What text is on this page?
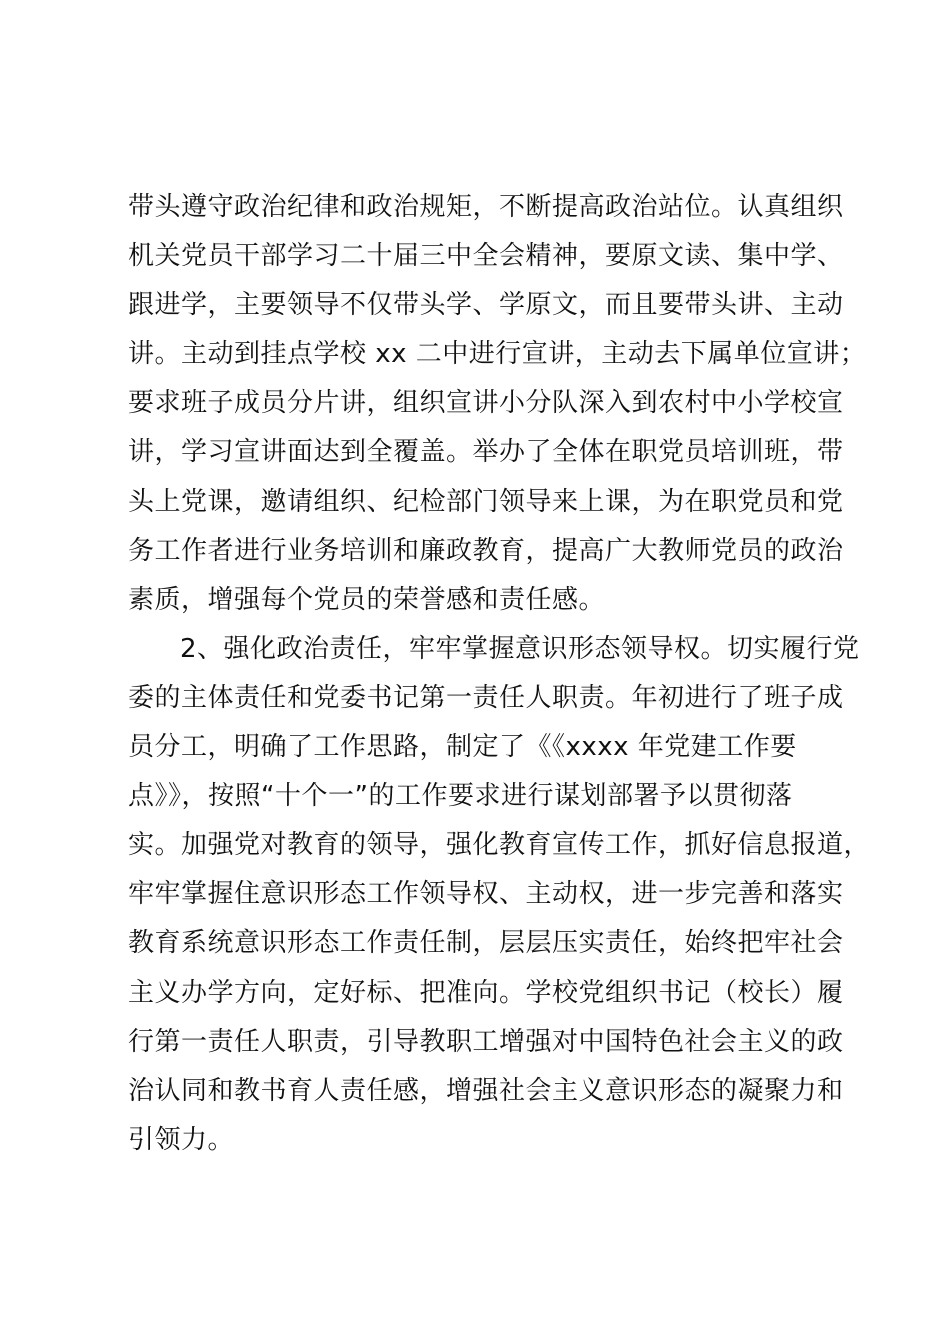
带头遵守政治纪律和政治规矩，不断提高政治站位。认真组织
机关党员干部学习二十届三中全会精神，要原文读、集中学、
跟进学，主要领导不仅带头学、学原文，而且要带头讲、主动
讲。主动到挂点学校 xx 二中进行宣讲，主动去下属单位宣讲；
要求班子成员分片讲，组织宣讲小分队深入到农村中小学校宣
讲，学习宣讲面达到全覆盖。举办了全体在职党员培训班，带
头上党课，邀请组织、纪检部门领导来上课，为在职党员和党
务工作者进行业务培训和廉政教育，提高广大教师党员的政治
素质，增强每个党员的荣誉感和责任感。
2、强化政治责任，牢牢掌握意识形态领导权。切实履行党
委的主体责任和党委书记第一责任人职责。年初进行了班子成
员分工，明确了工作思路，制定了《《xxxx 年党建工作要
点》》，按照“十个一”的工作要求进行谋划部署予以贯彻落
实。加强党对教育的领导，强化教育宣传工作，抓好信息报道，
牢牢掌握住意识形态工作领导权、主动权，进一步完善和落实
教育系统意识形态工作责任制，层层压实责任，始终把牢社会
主义办学方向，定好标、把准向。学校党组织书记（校长）履
行第一责任人职责，引导教职工增强对中国特色社会主义的政
治认同和教书育人责任感，增强社会主义意识形态的凝聚力和
引领力。
